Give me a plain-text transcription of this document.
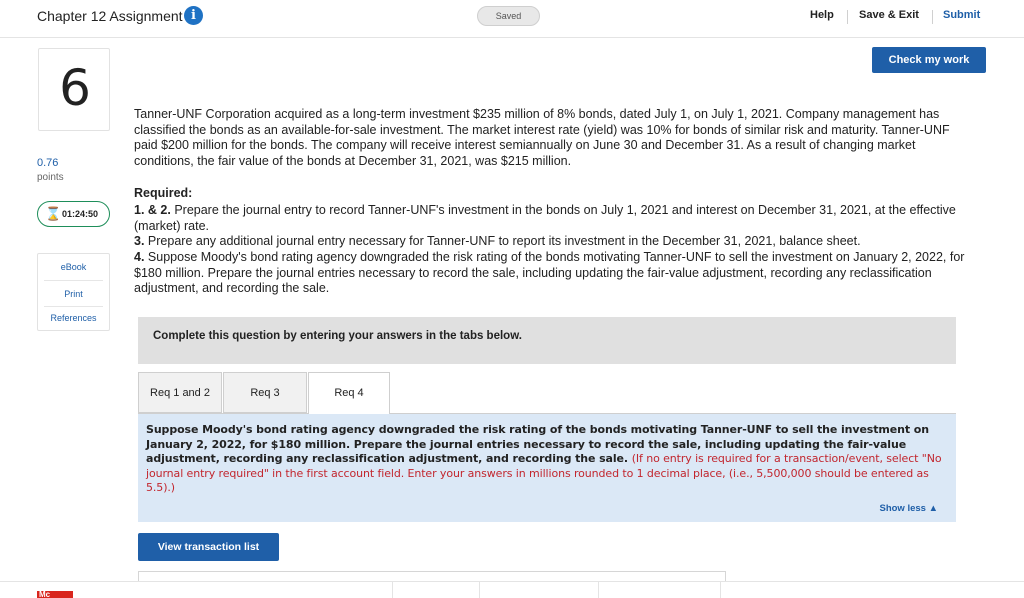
Chapter 12 Assignment i	Saved	Help Save & Exit Submit
6
0.76
points
⌛ 01:24:50
eBook
Print
References
Check my work
Tanner-UNF Corporation acquired as a long-term investment $235 million of 8% bonds, dated July 1, on July 1, 2021. Company management has classified the bonds as an available-for-sale investment. The market interest rate (yield) was 10% for bonds of similar risk and maturity. Tanner-UNF paid $200 million for the bonds. The company will receive interest semiannually on June 30 and December 31. As a result of changing market conditions, the fair value of the bonds at December 31, 2021, was $215 million.
Required:
1. & 2. Prepare the journal entry to record Tanner-UNF's investment in the bonds on July 1, 2021 and interest on December 31, 2021, at the effective (market) rate.
3. Prepare any additional journal entry necessary for Tanner-UNF to report its investment in the December 31, 2021, balance sheet.
4. Suppose Moody's bond rating agency downgraded the risk rating of the bonds motivating Tanner-UNF to sell the investment on January 2, 2022, for $180 million. Prepare the journal entries necessary to record the sale, including updating the fair-value adjustment, recording any reclassification adjustment, and recording the sale.
Complete this question by entering your answers in the tabs below.
Req 1 and 2	Req 3	Req 4
Suppose Moody's bond rating agency downgraded the risk rating of the bonds motivating Tanner-UNF to sell the investment on January 2, 2022, for $180 million. Prepare the journal entries necessary to record the sale, including updating the fair-value adjustment, recording any reclassification adjustment, and recording the sale. (If no entry is required for a transaction/event, select "No journal entry required" in the first account field. Enter your answers in millions rounded to 1 decimal place, (i.e., 5,500,000 should be entered as 5.5).)
Show less ▲
View transaction list
Mc
